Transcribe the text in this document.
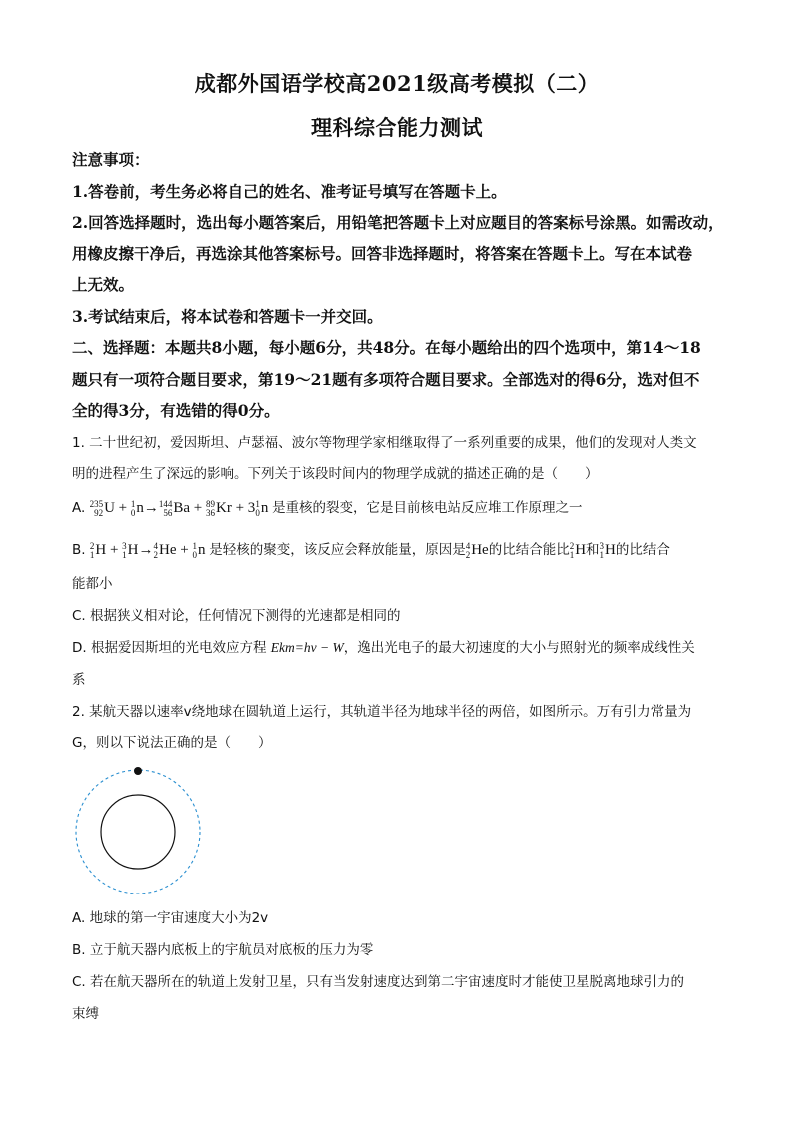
成都外国语学校高2021级高考模拟（二）
理科综合能力测试
注意事项：
1.答卷前，考生务必将自己的姓名、准考证号填写在答题卡上。
2.回答选择题时，选出每小题答案后，用铅笔把答题卡上对应题目的答案标号涂黑。如需改动，
用橡皮擦干净后，再选涂其他答案标号。回答非选择题时，将答案在答题卡上。写在本试卷
上无效。
3.考试结束后，将本试卷和答题卡一并交回。
二、选择题：本题共8小题，每小题6分，共48分。在每小题给出的四个选项中，第14～18
题只有一项符合题目要求，第19～21题有多项符合题目要求。全部选对的得6分，选对但不
全的得3分，有选错的得0分。
1. 二十世纪初，爱因斯坦、卢瑟福、波尔等物理学家相继取得了一系列重要的成果，他们的发现对人类文
明的进程产生了深远的影响。下列关于该段时间内的物理学成就的描述正确的是（　　）
A. 235
92 U + 1
0 n→ 144
56 Ba + 89
36 Kr + 3 1
0 n 是重核的裂变，它是目前核电站反应堆工作原理之一
B. 2
1 H + 3
1 H→ 4
2 He + 1
0 n 是轻核的聚变，该反应会释放能量，原因是 4
2 He的比结合能比 2
1 H和 3
1 H的比结合
能都小
C. 根据狭义相对论，任何情况下测得的光速都是相同的
D. 根据爱因斯坦的光电效应方程 Ekm=hν − W，逸出光电子的最大初速度的大小与照射光的频率成线性关
系
2. 某航天器以速率v绕地球在圆轨道上运行，其轨道半径为地球半径的两倍，如图所示。万有引力常量为
G，则以下说法正确的是（　　）
A. 地球的第一宇宙速度大小为2v
B. 立于航天器内底板上的宇航员对底板的压力为零
C. 若在航天器所在的轨道上发射卫星，只有当发射速度达到第二宇宙速度时才能使卫星脱离地球引力的
束缚
